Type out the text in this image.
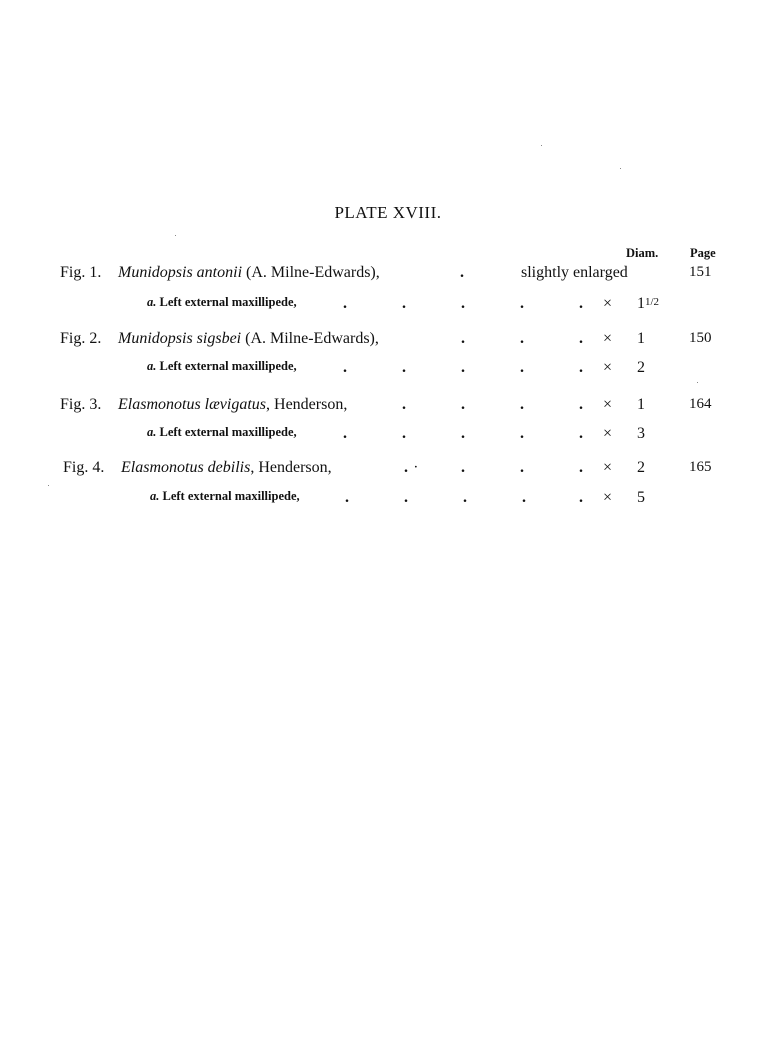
PLATE XVIII.
Diam.	Page
Fig. 1. Munidopsis antonii (A. Milne-Edwards),	.	slightly enlarged	151
a. Left external maxillipede,	.	.	.	.	. × 11/2
Fig. 2. Munidopsis sigsbei (A. Milne-Edwards),	.	.	. × 1	150
a. Left external maxillipede,	.	.	.	.	. × 2
Fig. 3. Elasmonotus lævigatus, Henderson,	.	.	.	. × 1	164
a. Left external maxillipede,	.	.	.	.	. × 3
Fig. 4. Elasmonotus debilis, Henderson,	. ·	.	.	. × 2	165
a. Left external maxillipede,	.	.	.	.	. × 5
